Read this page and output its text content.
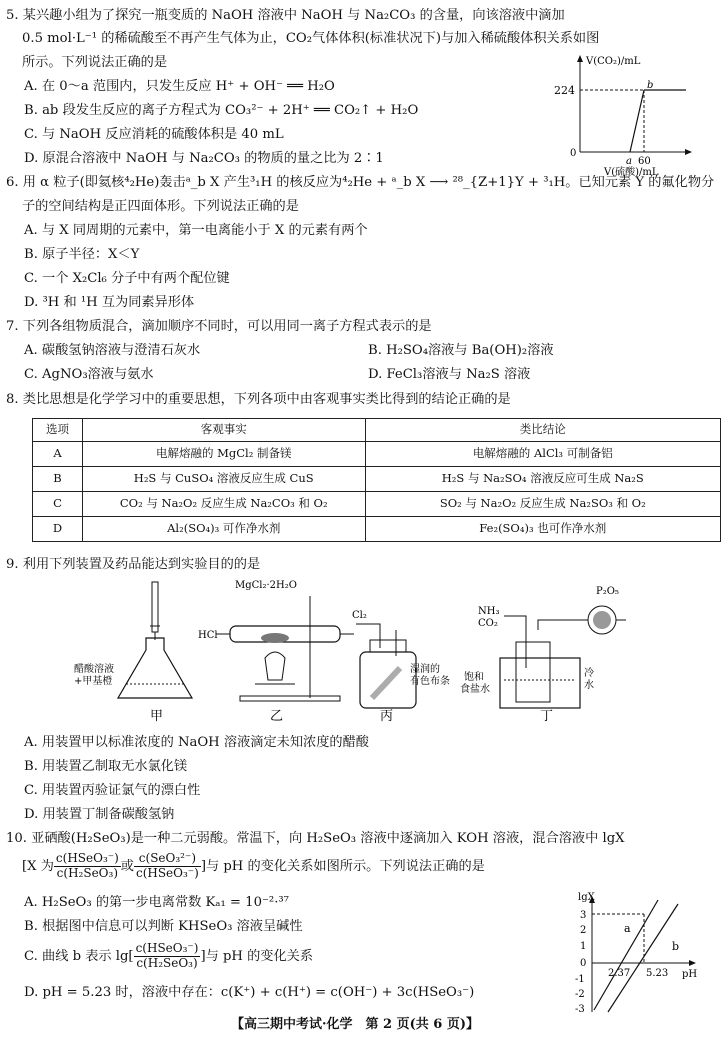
5. 某兴趣小组为了探究一瓶变质的 NaOH 溶液中 NaOH 与 Na₂CO₃ 的含量，向该溶液中滴加
0.5 mol·L⁻¹ 的稀硫酸至不再产生气体为止，CO₂气体体积(标准状况下)与加入稀硫酸体积关系如图
所示。下列说法正确的是
A. 在 0～a 范围内，只发生反应 H⁺ + OH⁻ ══ H₂O
B. ab 段发生反应的离子方程式为 CO₃²⁻ + 2H⁺ ══ CO₂↑ + H₂O
C. 与 NaOH 反应消耗的硫酸体积是 40 mL
D. 原混合溶液中 NaOH 与 Na₂CO₃ 的物质的量之比为 2∶1
V(CO₂)/mL
224
0
b
a 60
V(硫酸)/mL
6. 用 α 粒子(即氦核⁴₂He)轰击ᵃ_b X 产生³₁H 的核反应为⁴₂He + ᵃ_b X ⟶ ²⁸_{Z+1}Y + ³₁H。已知元素 Y 的氟化物分
子的空间结构是正四面体形。下列说法正确的是
A. 与 X 同周期的元素中，第一电离能小于 X 的元素有两个
B. 原子半径：X＜Y
C. 一个 X₂Cl₆ 分子中有两个配位键
D. ³H 和 ¹H 互为同素异形体
7. 下列各组物质混合，滴加顺序不同时，可以用同一离子方程式表示的是
A. 碳酸氢钠溶液与澄清石灰水	B. H₂SO₄溶液与 Ba(OH)₂溶液
C. AgNO₃溶液与氨水	D. FeCl₃溶液与 Na₂S 溶液
8. 类比思想是化学学习中的重要思想，下列各项中由客观事实类比得到的结论正确的是
选项	客观事实	类比结论
A	电解熔融的 MgCl₂ 制备镁	电解熔融的 AlCl₃ 可制备铝
B	H₂S 与 CuSO₄ 溶液反应生成 CuS	H₂S 与 Na₂SO₄ 溶液反应可生成 Na₂S
C	CO₂ 与 Na₂O₂ 反应生成 Na₂CO₃ 和 O₂	SO₂ 与 Na₂O₂ 反应生成 Na₂SO₃ 和 O₂
D	Al₂(SO₄)₃ 可作净水剂	Fe₂(SO₄)₃ 也可作净水剂
9. 利用下列装置及药品能达到实验目的的是
醋酸溶液
+甲基橙
甲
MgCl₂·2H₂O
HCl
乙
Cl₂
湿润的
有色布条
丙
NH₃
CO₂
P₂O₅
饱和
食盐水
冷
水
丁
A. 用装置甲以标准浓度的 NaOH 溶液滴定未知浓度的醋酸
B. 用装置乙制取无水氯化镁
C. 用装置丙验证氯气的漂白性
D. 用装置丁制备碳酸氢钠
10. 亚硒酸(H₂SeO₃)是一种二元弱酸。常温下，向 H₂SeO₃ 溶液中逐滴加入 KOH 溶液，混合溶液中 lgX
[X 为 $\frac{\text{c(HSeO₃⁻)}}{\text{c(H₂SeO₃)}}$ 或 $\frac{\text{c(SeO₃²⁻)}}{\text{c(HSeO₃⁻)}}$ ]与 pH 的变化关系如图所示。下列说法正确的是
A. H₂SeO₃ 的第一步电离常数 Kₐ₁ = 10⁻²·³⁷
B. 根据图中信息可以判断 KHSeO₃ 溶液呈碱性
C. 曲线 b 表示 $\lg[ \frac{\text{c(HSeO₃⁻)}}{\text{c(H₂SeO₃)}}$ ]与 pH 的变化关系
D. pH = 5.23 时，溶液中存在：c(K⁺) + c(H⁺) = c(OH⁻) + 3c(HSeO₃⁻)
lgX
pH
3
2
1
0
-1
-2
-3
a
b
2.37 5.23
【高三期中考试·化学　第 2 页(共 6 页)】
